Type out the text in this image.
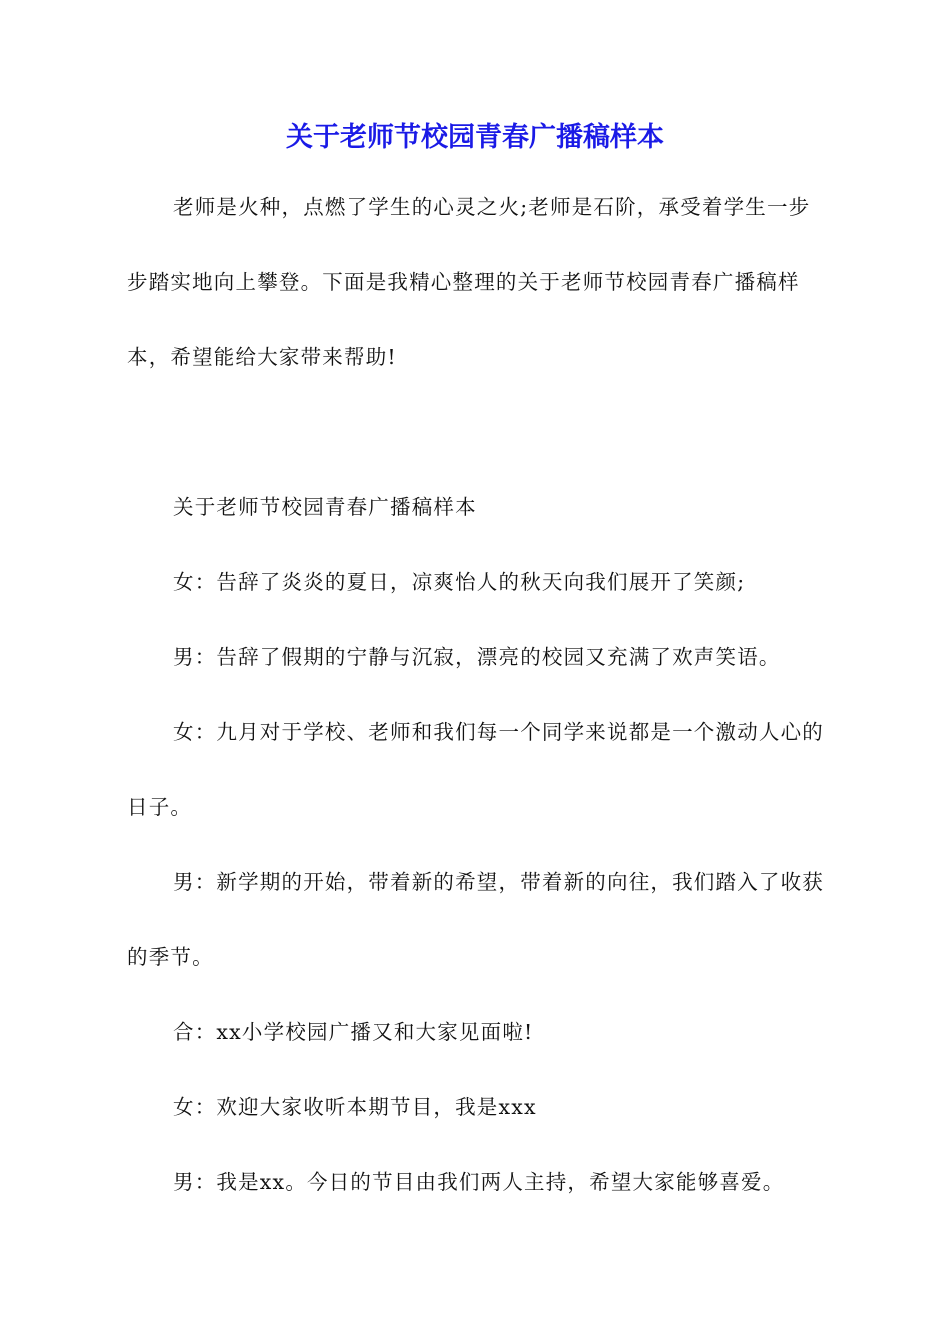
关于老师节校园青春广播稿样本
老师是火种，点燃了学生的心灵之火;老师是石阶，承受着学生一步步踏实地向上攀登。下面是我精心整理的关于老师节校园青春广播稿样本，希望能给大家带来帮助!
关于老师节校园青春广播稿样本
女：告辞了炎炎的夏日，凉爽怡人的秋天向我们展开了笑颜;
男：告辞了假期的宁静与沉寂，漂亮的校园又充满了欢声笑语。
女：九月对于学校、老师和我们每一个同学来说都是一个激动人心的日子。
男：新学期的开始，带着新的希望，带着新的向往，我们踏入了收获的季节。
合：xx小学校园广播又和大家见面啦!
女：欢迎大家收听本期节目，我是xxx
男：我是xx。今日的节目由我们两人主持，希望大家能够喜爱。
